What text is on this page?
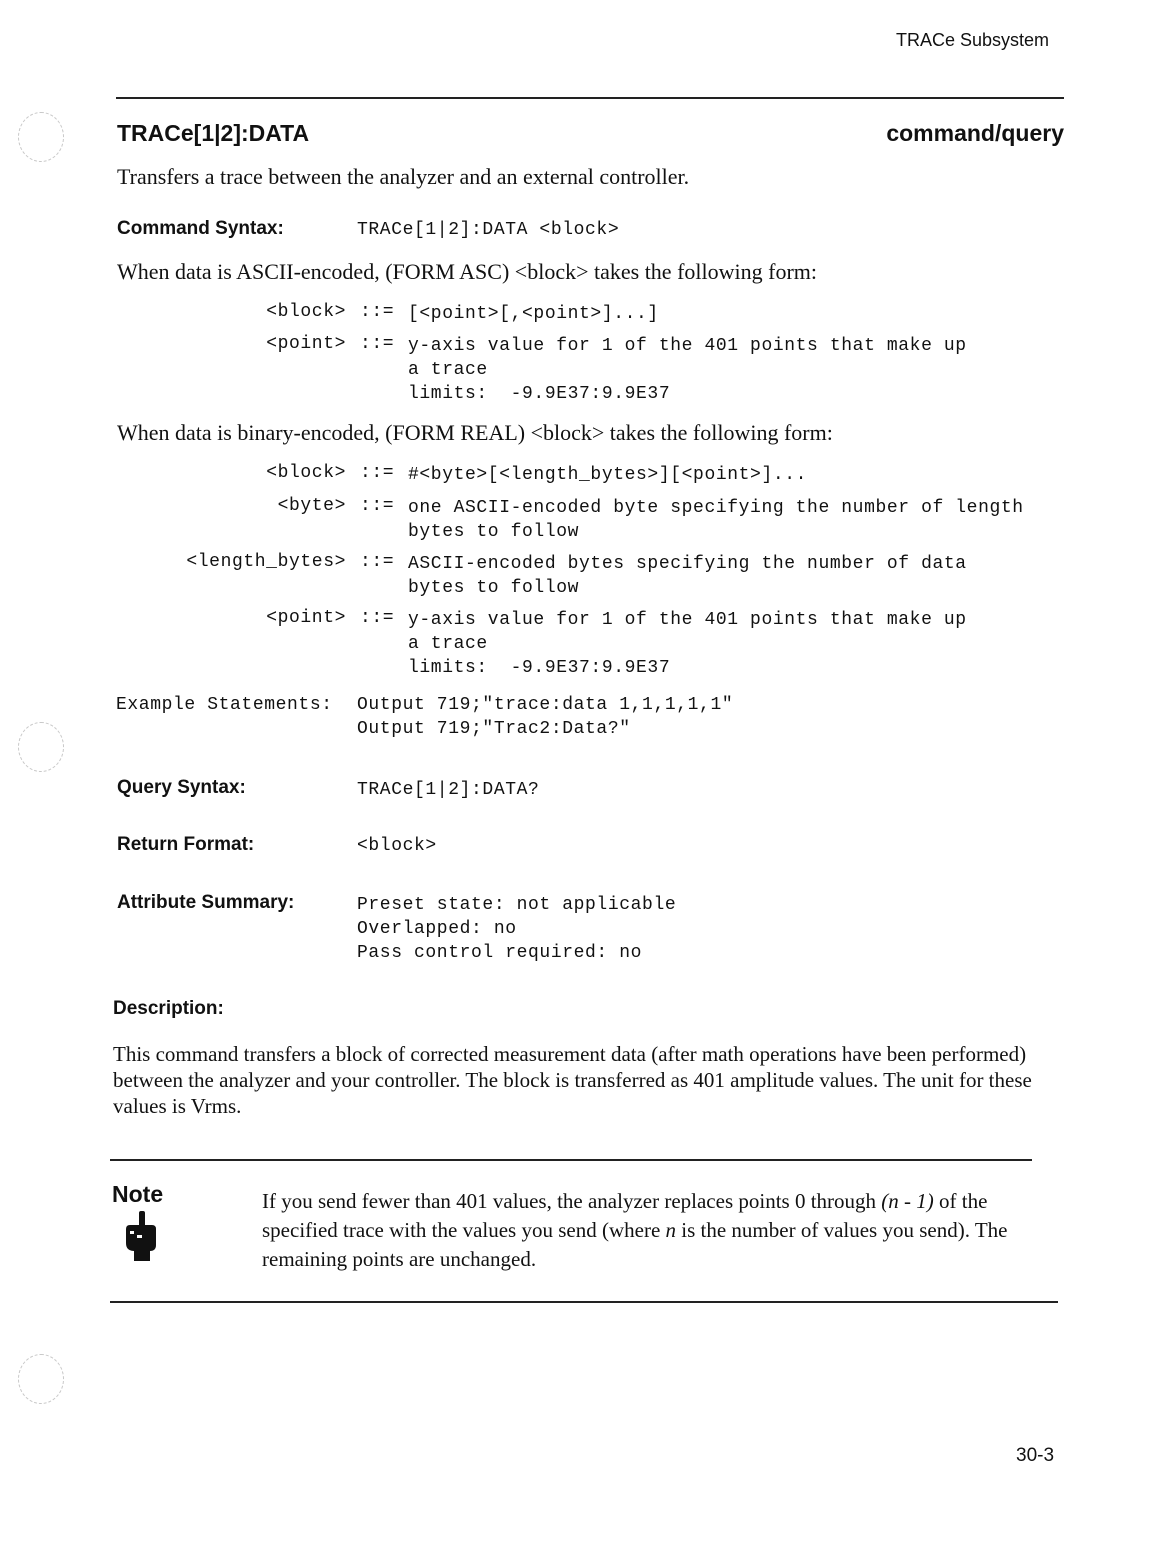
TRACe Subsystem
TRACe[1|2]:DATA	command/query
Transfers a trace between the analyzer and an external controller.
Command Syntax:	TRACe[1|2]:DATA <block>
When data is ASCII-encoded, (FORM ASC) <block> takes the following form:
<block> ::= [<point>[,<point>]...]
<point> ::= y-axis value for 1 of the 401 points that make up
a trace
limits:  -9.9E37:9.9E37
When data is binary-encoded, (FORM REAL) <block> takes the following form:
<block> ::= #<byte>[<length_bytes>][<point>]...
<byte> ::= one ASCII-encoded byte specifying the number of length
bytes to follow
<length_bytes> ::= ASCII-encoded bytes specifying the number of data
bytes to follow
<point> ::= y-axis value for 1 of the 401 points that make up
a trace
limits:  -9.9E37:9.9E37
Example Statements: Output 719;"trace:data 1,1,1,1,1"
Output 719;"Trac2:Data?"
Query Syntax:	TRACe[1|2]:DATA?
Return Format:	<block>
Attribute Summary:	Preset state: not applicable
Overlapped: no
Pass control required: no
Description:
This command transfers a block of corrected measurement data (after math operations have been performed) between the analyzer and your controller. The block is transferred as 401 amplitude values. The unit for these values is Vrms.
Note	If you send fewer than 401 values, the analyzer replaces points 0 through (n - 1) of the specified trace with the values you send (where n is the number of values you send). The remaining points are unchanged.
30-3
